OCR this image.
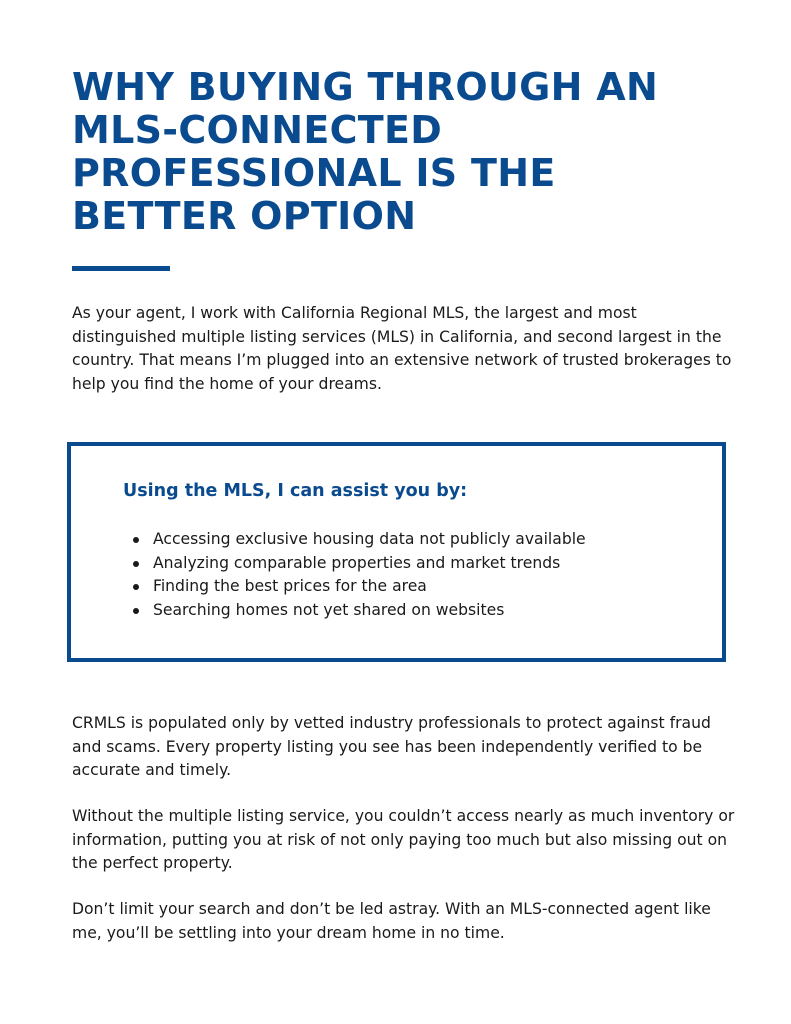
WHY BUYING THROUGH AN MLS-CONNECTED PROFESSIONAL IS THE BETTER OPTION

As your agent, I work with California Regional MLS, the largest and most distinguished multiple listing services (MLS) in California, and second largest in the country. That means I’m plugged into an extensive network of trusted brokerages to help you find the home of your dreams.

Using the MLS, I can assist you by:
Accessing exclusive housing data not publicly available
Analyzing comparable properties and market trends
Finding the best prices for the area
Searching homes not yet shared on websites

CRMLS is populated only by vetted industry professionals to protect against fraud and scams. Every property listing you see has been independently verified to be accurate and timely.

Without the multiple listing service, you couldn’t access nearly as much inventory or information, putting you at risk of not only paying too much but also missing out on the perfect property.

Don’t limit your search and don’t be led astray. With an MLS-connected agent like me, you’ll be settling into your dream home in no time.
